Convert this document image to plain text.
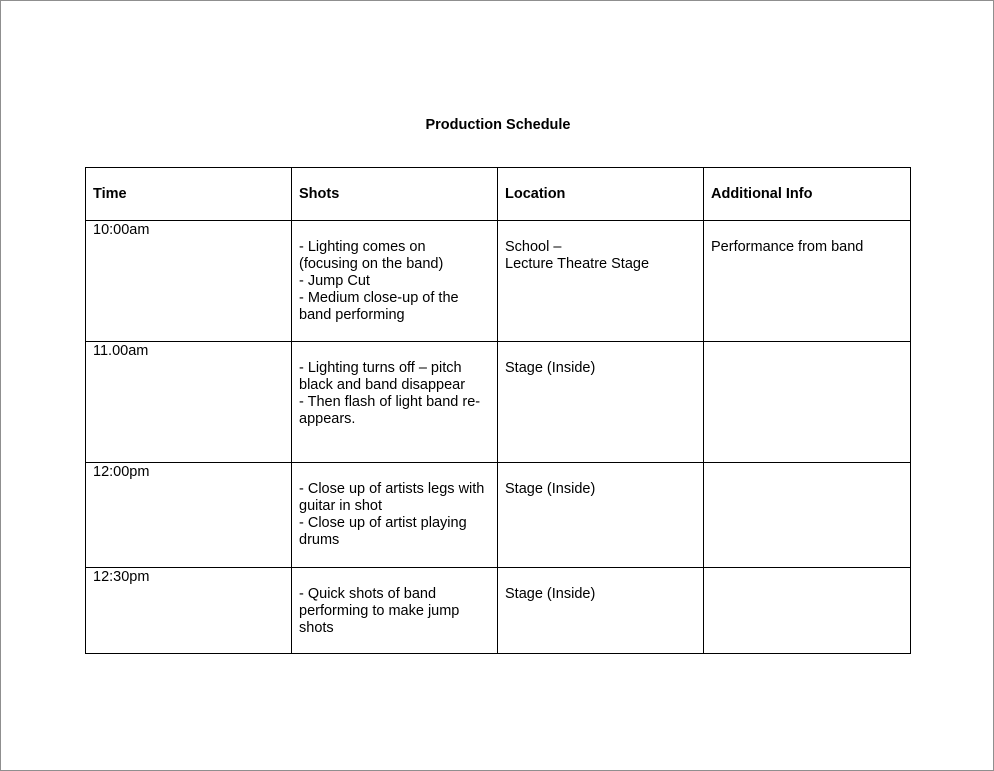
Production Schedule
Time	Shots	Location	Additional Info

10:00am	- Lighting comes on
(focusing on the band)
- Jump Cut
- Medium close-up of the
band performing	School –
Lecture Theatre Stage	Performance from band

11.00am	- Lighting turns off – pitch
black and band disappear
- Then flash of light band re-
appears.	Stage (Inside)	

12:00pm	- Close up of artists legs with
guitar in shot
- Close up of artist playing
drums	Stage (Inside)	

12:30pm	- Quick shots of band
performing to make jump
shots	Stage (Inside)	
